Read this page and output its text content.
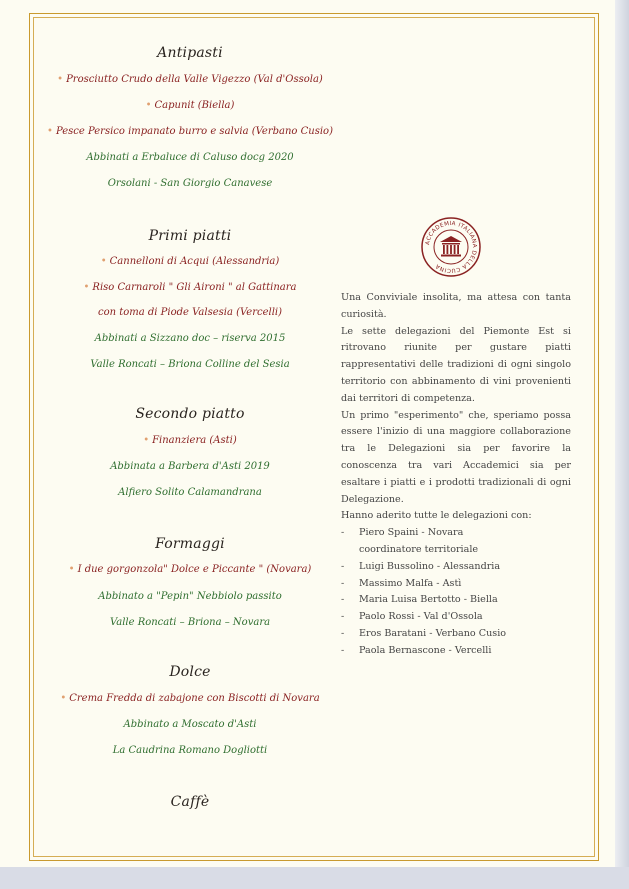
Antipasti
• Prosciutto Crudo della Valle Vigezzo (Val d'Ossola)
• Capunit (Biella)
• Pesce Persico impanato burro e salvia (Verbano Cusio)
Abbinati a Erbaluce di Caluso docg 2020
Orsolani - San Giorgio Canavese
Primi piatti
• Cannelloni di Acqui (Alessandria)
• Riso Carnaroli " Gli Aironi " al Gattinara
con toma di Piode Valsesia (Vercelli)
Abbinati a Sizzano doc – riserva 2015
Valle Roncati – Briona Colline del Sesia
Secondo piatto
• Finanziera (Asti)
Abbinata a Barbera d'Asti 2019
Alfiero Solito Calamandrana
Formaggi
• I due gorgonzola" Dolce e Piccante " (Novara)
Abbinato a "Pepin" Nebbiolo passito
Valle Roncati – Briona – Novara
Dolce
• Crema Fredda di zabajone con Biscotti di Novara
Abbinato a Moscato d'Asti
La Caudrina Romano Dogliotti
Caffè
ACCADEMIA ITALIANA DELLA CUCINA

Una Conviviale insolita, ma attesa con tanta curiosità.

Le sette delegazioni del Piemonte Est si ritrovano riunite per gustare piatti rappresentativi delle tradizioni di ogni singolo territorio con abbinamento di vini provenienti dai territori di competenza.

Un primo "esperimento" che, speriamo possa essere l'inizio di una maggiore collaborazione tra le Delegazioni sia per favorire la conoscenza tra vari Accademici sia per esaltare i piatti e i prodotti tradizionali di ogni Delegazione.

Hanno aderito tutte le delegazioni con:

- Piero Spaini - Novara
coordinatore territoriale
- Luigi Bussolino - Alessandria
- Massimo Malfa - Astì
- Maria Luisa Bertotto - Biella
- Paolo Rossi - Val d'Ossola
- Eros Baratani - Verbano Cusio
- Paola Bernascone - Vercelli
